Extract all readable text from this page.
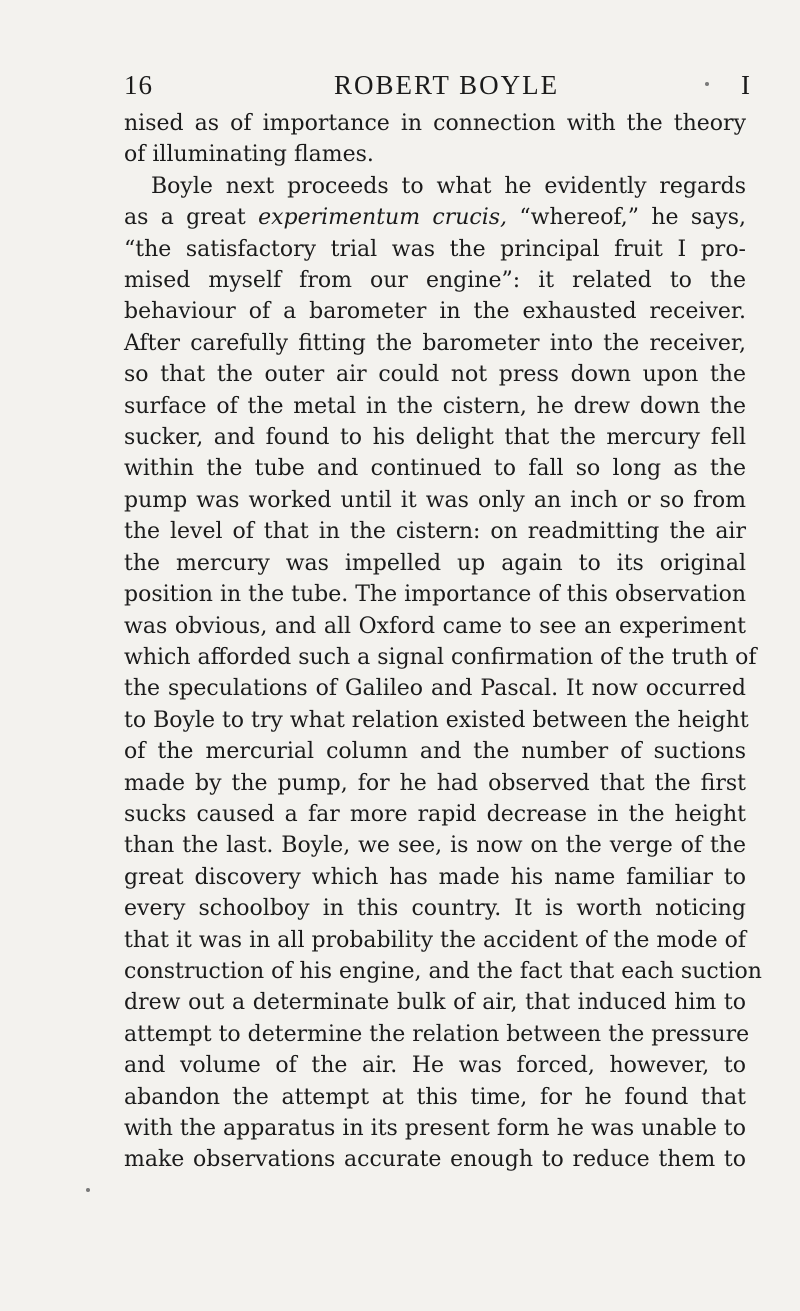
16	ROBERT BOYLE	I
nised as of importance in connection with the theory
of illuminating flames.
Boyle next proceeds to what he evidently regards
as a great experimentum crucis, “whereof,” he says,
“the satisfactory trial was the principal fruit I pro-
mised myself from our engine”: it related to the
behaviour of a barometer in the exhausted receiver.
After carefully fitting the barometer into the receiver,
so that the outer air could not press down upon the
surface of the metal in the cistern, he drew down the
sucker, and found to his delight that the mercury fell
within the tube and continued to fall so long as the
pump was worked until it was only an inch or so from
the level of that in the cistern: on readmitting the air
the mercury was impelled up again to its original
position in the tube. The importance of this observation
was obvious, and all Oxford came to see an experiment
which afforded such a signal confirmation of the truth of
the speculations of Galileo and Pascal. It now occurred
to Boyle to try what relation existed between the height
of the mercurial column and the number of suctions
made by the pump, for he had observed that the first
sucks caused a far more rapid decrease in the height
than the last. Boyle, we see, is now on the verge of the
great discovery which has made his name familiar to
every schoolboy in this country. It is worth noticing
that it was in all probability the accident of the mode of
construction of his engine, and the fact that each suction
drew out a determinate bulk of air, that induced him to
attempt to determine the relation between the pressure
and volume of the air. He was forced, however, to
abandon the attempt at this time, for he found that
with the apparatus in its present form he was unable to
make observations accurate enough to reduce them to
